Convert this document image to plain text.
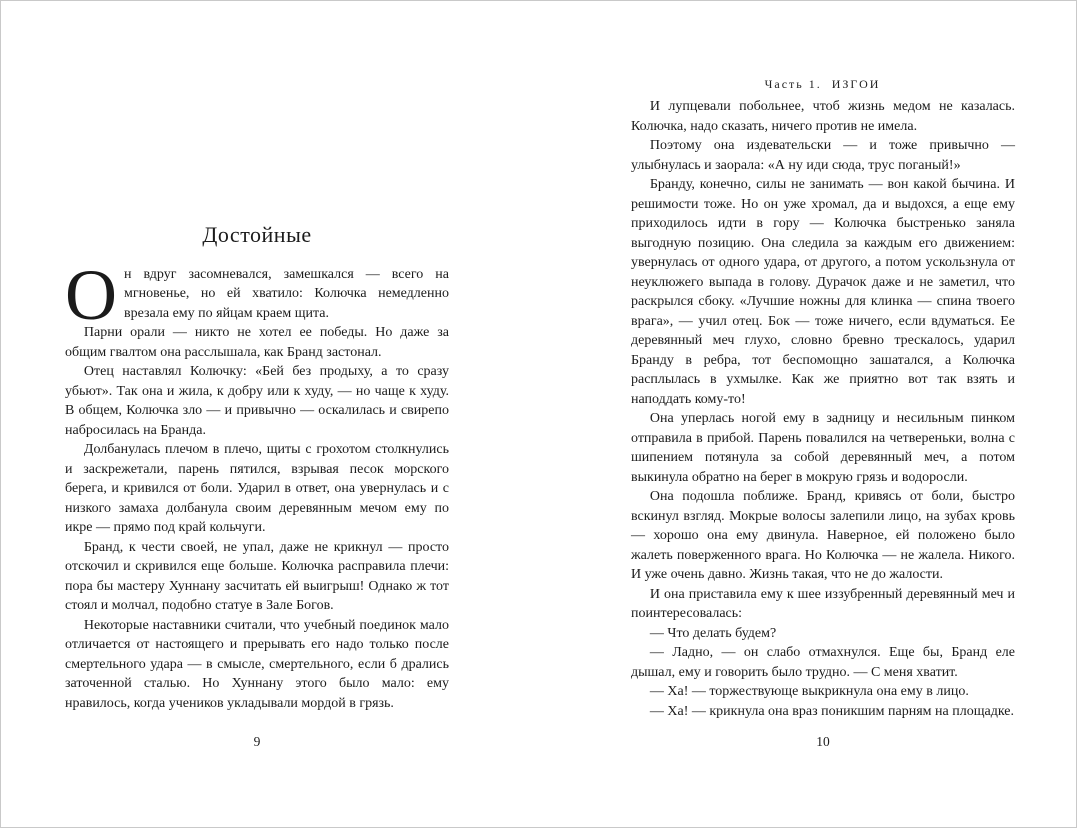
Часть 1.  ИЗГОИ
Достойные

Он вдруг засомневался, замешкался — всего на мгновенье, но ей хватило: Колючка немедленно врезала ему по яйцам краем щита.

Парни орали — никто не хотел ее победы. Но даже за общим гвалтом она расслышала, как Бранд застонал.

Отец наставлял Колючку: «Бей без продыху, а то сразу убьют». Так она и жила, к добру или к худу, — но чаще к худу. В общем, Колючка зло — и привычно — оскалилась и свирепо набросилась на Бранда.

Долбанулась плечом в плечо, щиты с грохотом столкнулись и заскрежетали, парень пятился, взрывая песок морского берега, и кривился от боли. Ударил в ответ, она увернулась и с низкого замаха долбанула своим деревянным мечом ему по икре — прямо под край кольчуги.

Бранд, к чести своей, не упал, даже не крикнул — просто отскочил и скривился еще больше. Колючка расправила плечи: пора бы мастеру Хуннану засчитать ей выигрыш! Однако ж тот стоял и молчал, подобно статуе в Зале Богов.

Некоторые наставники считали, что учебный поединок мало отличается от настоящего и прерывать его надо только после смертельного удара — в смысле, смертельного, если б дрались заточенной сталью. Но Хуннану этого было мало: ему нравилось, когда учеников укладывали мордой в грязь.

И лупцевали побольнее, чтоб жизнь медом не казалась. Колючка, надо сказать, ничего против не имела.

Поэтому она издевательски — и тоже привычно — улыбнулась и заорала: «А ну иди сюда, трус поганый!»

Бранду, конечно, силы не занимать — вон какой бычина. И решимости тоже. Но он уже хромал, да и выдохся, а еще ему приходилось идти в гору — Колючка быстренько заняла выгодную позицию. Она следила за каждым его движением: увернулась от одного удара, от другого, а потом ускользнула от неуклюжего выпада в голову. Дурачок даже и не заметил, что раскрылся сбоку. «Лучшие ножны для клинка — спина твоего врага», — учил отец. Бок — тоже ничего, если вдуматься. Ее деревянный меч глухо, словно бревно трескалось, ударил Бранду в ребра, тот беспомощно зашатался, а Колючка расплылась в ухмылке. Как же приятно вот так взять и наподдать кому-то!

Она уперлась ногой ему в задницу и несильным пинком отправила в прибой. Парень повалился на четвереньки, волна с шипением потянула за собой деревянный меч, а потом выкинула обратно на берег в мокрую грязь и водоросли.

Она подошла поближе. Бранд, кривясь от боли, быстро вскинул взгляд. Мокрые волосы залепили лицо, на зубах кровь — хорошо она ему двинула. Наверное, ей положено было жалеть поверженного врага. Но Колючка — не жалела. Никого. И уже очень давно. Жизнь такая, что не до жалости.

И она приставила ему к шее иззубренный деревянный меч и поинтересовалась:

— Что делать будем?

— Ладно, — он слабо отмахнулся. Еще бы, Бранд еле дышал, ему и говорить было трудно. — С меня хватит.

— Ха! — торжествующе выкрикнула она ему в лицо.

— Ха! — крикнула она враз поникшим парням на площадке.

9	10
